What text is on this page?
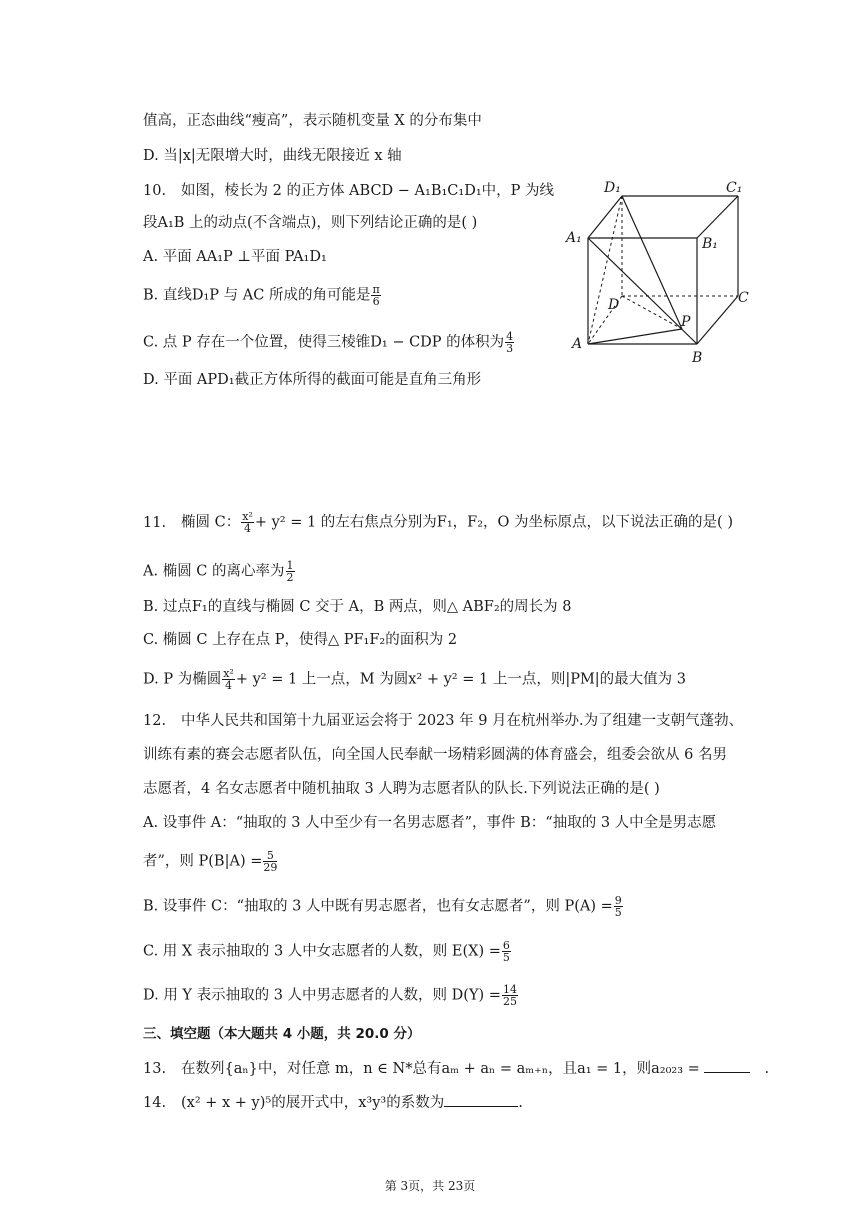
值高，正态曲线“瘦高”，表示随机变量 X 的分布集中
D. 当|x|无限增大时，曲线无限接近 x 轴
10. 如图，棱长为 2 的正方体 ABCD − A₁B₁C₁D₁中，P 为线
段A₁B 上的动点(不含端点)，则下列结论正确的是( )
A. 平面 AA₁P ⊥平面 PA₁D₁
B. 直线D₁P 与 AC 所成的角可能是 $\frac{\pi}{6}$
C. 点 P 存在一个位置，使得三棱锥D₁ − CDP 的体积为 $\frac{4}{3}$
D. 平面 APD₁截正方体所得的截面可能是直角三角形
D₁	C₁
A₁	B₁
D	C
A
B
P
11. 椭圆 C： $\frac{\text{x²}}{4} + y^2 = 1$ 的左右焦点分别为F₁，F₂，O 为坐标原点，以下说法正确的是( )
A. 椭圆 C 的离心率为 $\frac{1}{2}$
B. 过点F₁的直线与椭圆 C 交于 A，B 两点，则△ ABF₂的周长为 8
C. 椭圆 C 上存在点 P，使得△ PF₁F₂的面积为 2
D. P 为椭圆 $\frac{\text{x²}}{4} + y^2 = 1$ 上一点，M 为圆x² + y² = 1 上一点，则|PM|的最大值为 3
12. 中华人民共和国第十九届亚运会将于 2023 年 9 月在杭州举办.为了组建一支朝气蓬勃、
训练有素的赛会志愿者队伍，向全国人民奉献一场精彩圆满的体育盛会，组委会欲从 6 名男
志愿者，4 名女志愿者中随机抽取 3 人聘为志愿者队的队长.下列说法正确的是( )
A. 设事件 A：“抽取的 3 人中至少有一名男志愿者”，事件 B：“抽取的 3 人中全是男志愿
者”，则 $P(B|A) = \frac{5}{29}$
B. 设事件 C：“抽取的 3 人中既有男志愿者，也有女志愿者”，则 $P(A) = \frac{9}{5}$
C. 用 X 表示抽取的 3 人中女志愿者的人数，则 $E(X) = \frac{6}{5}$
D. 用 Y 表示抽取的 3 人中男志愿者的人数，则 $D(Y) = \frac{14}{25}$
三、填空题（本大题共 4 小题，共 20.0 分）
13. 在数列{aₙ}中，对任意 m，n ∈ N*总有aₘ + aₙ = aₘ₊ₙ，且a₁ = 1，则a₂₀₂₃ =	.
14. (x² + x + y)⁵的展开式中，x³y³的系数为	.
第 3页，共 23页
